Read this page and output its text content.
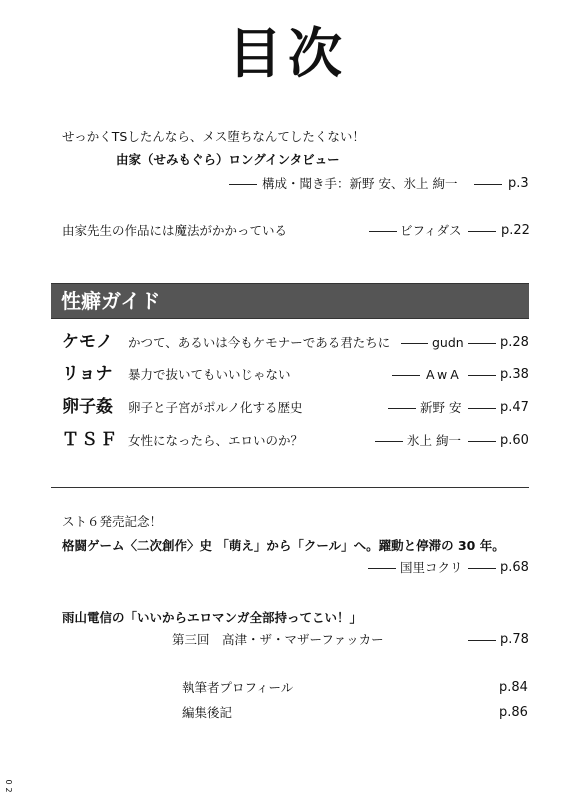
目次
せっかくTSしたんなら、メス堕ちなんてしたくない！
由家（せみもぐら）ロングインタビュー
構成・聞き手：新野 安、氷上 絢一	p.3
由家先生の作品には魔法がかかっている	ビフィダス	p.22
性癖ガイド
ケモノ かつて、あるいは今もケモナーである君たちに	gudn	p.28
リョナ 暴力で抜いてもいいじゃない	AwA	p.38
卵子姦 卵子と子宮がポルノ化する歴史	新野 安	p.47
ＴＳＦ 女性になったら、エロいのか？	氷上 絢一	p.60
スト６発売記念！
格闘ゲーム〈二次創作〉史 「萌え」から「クール」へ。躍動と停滞の 30 年。
国里コクリ	p.68
雨山電信の「いいからエロマンガ全部持ってこい！」
第三回　高津・ザ・マザーファッカー	p.78
執筆者プロフィール	p.84
編集後記	p.86
0
2
